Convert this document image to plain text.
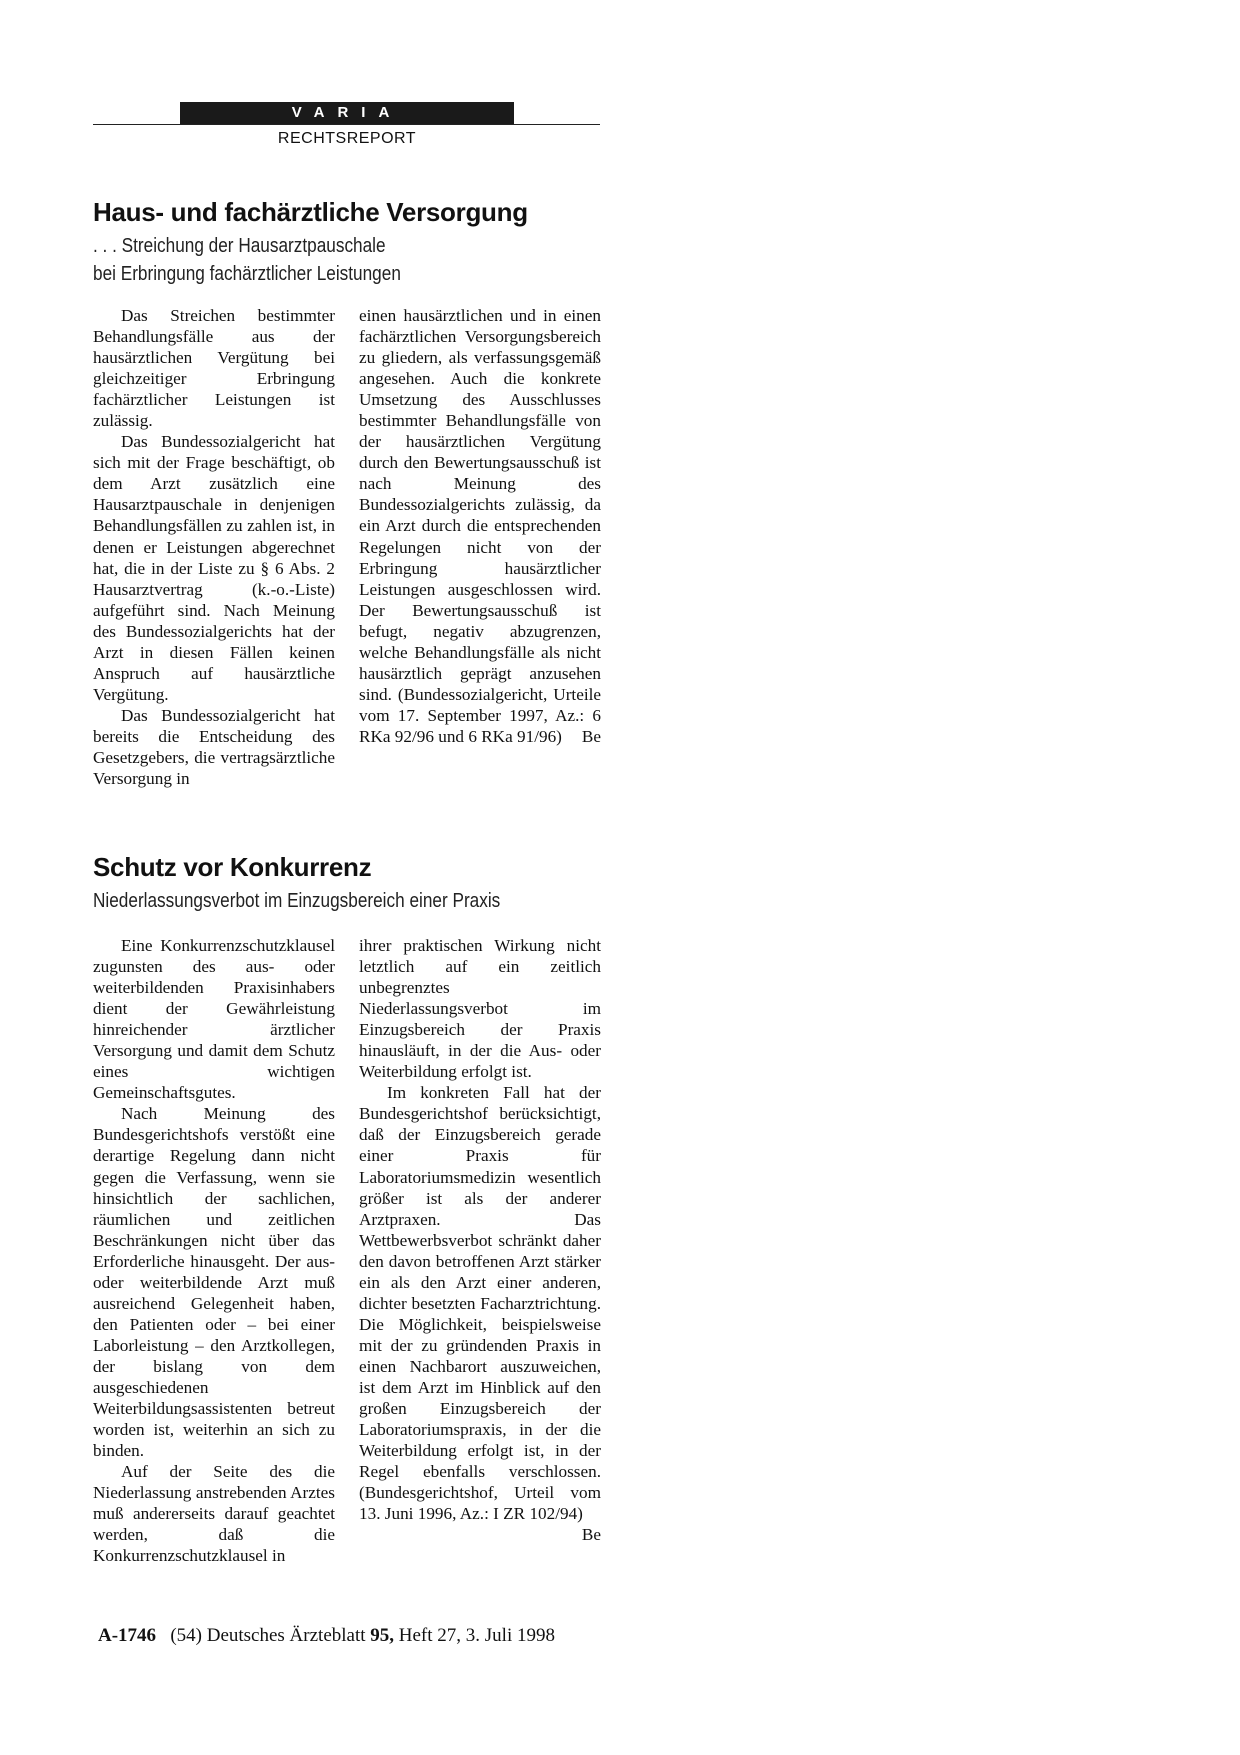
VARIA
RECHTSREPORT
Haus- und fachärztliche Versorgung
. . . Streichung der Hausarztpauschale
bei Erbringung fachärztlicher Leistungen

Das Streichen bestimmter Behandlungsfälle aus der hausärztlichen Vergütung bei gleichzeitiger Erbringung fachärztlicher Leistungen ist zulässig.

Das Bundessozialgericht hat sich mit der Frage beschäftigt, ob dem Arzt zusätzlich eine Hausarztpauschale in denjenigen Behandlungsfällen zu zahlen ist, in denen er Leistungen abgerechnet hat, die in der Liste zu § 6 Abs. 2 Hausarztvertrag (k.-o.-Liste) aufgeführt sind. Nach Meinung des Bundessozialgerichts hat der Arzt in diesen Fällen keinen Anspruch auf hausärztliche Vergütung.

Das Bundessozialgericht hat bereits die Entscheidung des Gesetzgebers, die vertragsärztliche Versorgung in

einen hausärztlichen und in einen fachärztlichen Versorgungsbereich zu gliedern, als verfassungsgemäß angesehen. Auch die konkrete Umsetzung des Ausschlusses bestimmter Behandlungsfälle von der hausärztlichen Vergütung durch den Bewertungsausschuß ist nach Meinung des Bundessozialgerichts zulässig, da ein Arzt durch die entsprechenden Regelungen nicht von der Erbringung hausärztlicher Leistungen ausgeschlossen wird. Der Bewertungsausschuß ist befugt, negativ abzugrenzen, welche Behandlungsfälle als nicht hausärztlich geprägt anzusehen sind. (Bundessozialgericht, Urteile vom 17. September 1997, Az.: 6 RKa 92/96 und 6 RKa 91/96) Be

Schutz vor Konkurrenz
Niederlassungsverbot im Einzugsbereich einer Praxis

Eine Konkurrenzschutzklausel zugunsten des aus- oder weiterbildenden Praxisinhabers dient der Gewährleistung hinreichender ärztlicher Versorgung und damit dem Schutz eines wichtigen Gemeinschaftsgutes.

Nach Meinung des Bundesgerichtshofs verstößt eine derartige Regelung dann nicht gegen die Verfassung, wenn sie hinsichtlich der sachlichen, räumlichen und zeitlichen Beschränkungen nicht über das Erforderliche hinausgeht. Der aus- oder weiterbildende Arzt muß ausreichend Gelegenheit haben, den Patienten oder – bei einer Laborleistung – den Arztkollegen, der bislang von dem ausgeschiedenen Weiterbildungsassistenten betreut worden ist, weiterhin an sich zu binden.

Auf der Seite des die Niederlassung anstrebenden Arztes muß andererseits darauf geachtet werden, daß die Konkurrenzschutzklausel in

ihrer praktischen Wirkung nicht letztlich auf ein zeitlich unbegrenztes Niederlassungsverbot im Einzugsbereich der Praxis hinausläuft, in der die Aus- oder Weiterbildung erfolgt ist.

Im konkreten Fall hat der Bundesgerichtshof berücksichtigt, daß der Einzugsbereich gerade einer Praxis für Laboratoriumsmedizin wesentlich größer ist als der anderer Arztpraxen. Das Wettbewerbsverbot schränkt daher den davon betroffenen Arzt stärker ein als den Arzt einer anderen, dichter besetzten Facharztrichtung. Die Möglichkeit, beispielsweise mit der zu gründenden Praxis in einen Nachbarort auszuweichen, ist dem Arzt im Hinblick auf den großen Einzugsbereich der Laboratoriumspraxis, in der die Weiterbildung erfolgt ist, in der Regel ebenfalls verschlossen. (Bundesgerichtshof, Urteil vom 13. Juni 1996, Az.: I ZR 102/94)
Be

A-1746 (54) Deutsches Ärzteblatt 95, Heft 27, 3. Juli 1998
